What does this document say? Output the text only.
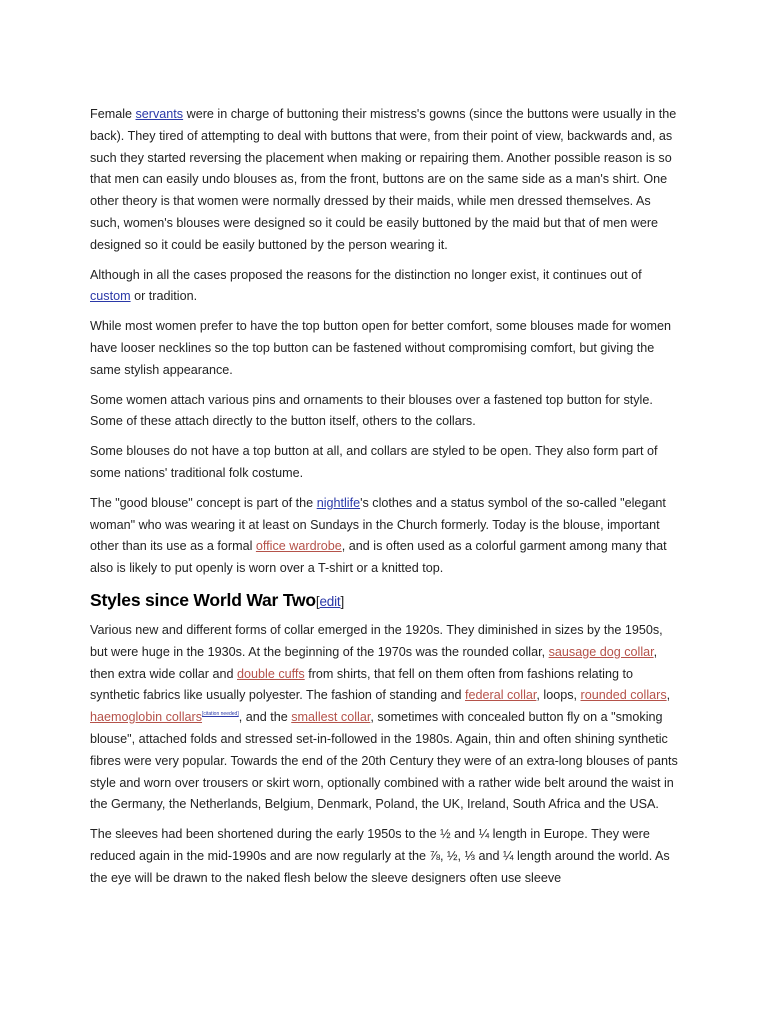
Female servants were in charge of buttoning their mistress's gowns (since the buttons were usually in the back). They tired of attempting to deal with buttons that were, from their point of view, backwards and, as such they started reversing the placement when making or repairing them. Another possible reason is so that men can easily undo blouses as, from the front, buttons are on the same side as a man's shirt. One other theory is that women were normally dressed by their maids, while men dressed themselves. As such, women's blouses were designed so it could be easily buttoned by the maid but that of men were designed so it could be easily buttoned by the person wearing it.

Although in all the cases proposed the reasons for the distinction no longer exist, it continues out of custom or tradition.

While most women prefer to have the top button open for better comfort, some blouses made for women have looser necklines so the top button can be fastened without compromising comfort, but giving the same stylish appearance.

Some women attach various pins and ornaments to their blouses over a fastened top button for style. Some of these attach directly to the button itself, others to the collars.

Some blouses do not have a top button at all, and collars are styled to be open. They also form part of some nations' traditional folk costume.

The "good blouse" concept is part of the nightlife's clothes and a status symbol of the so-called "elegant woman" who was wearing it at least on Sundays in the Church formerly. Today is the blouse, important other than its use as a formal office wardrobe, and is often used as a colorful garment among many that also is likely to put openly is worn over a T-shirt or a knitted top.

Styles since World War Two[edit]

Various new and different forms of collar emerged in the 1920s. They diminished in sizes by the 1950s, but were huge in the 1930s. At the beginning of the 1970s was the rounded collar, sausage dog collar, then extra wide collar and double cuffs from shirts, that fell on them often from fashions relating to synthetic fabrics like usually polyester. The fashion of standing and federal collar, loops, rounded collars, haemoglobin collars[citation needed], and the smallest collar, sometimes with concealed button fly on a "smoking blouse", attached folds and stressed set-in-followed in the 1980s. Again, thin and often shining synthetic fibres were very popular. Towards the end of the 20th Century they were of an extra-long blouses of pants style and worn over trousers or skirt worn, optionally combined with a rather wide belt around the waist in the Germany, the Netherlands, Belgium, Denmark, Poland, the UK, Ireland, South Africa and the USA.

The sleeves had been shortened during the early 1950s to the ½ and ¼ length in Europe. They were reduced again in the mid-1990s and are now regularly at the ⅞, ½, ⅓ and ¼ length around the world. As the eye will be drawn to the naked flesh below the sleeve designers often use sleeve
